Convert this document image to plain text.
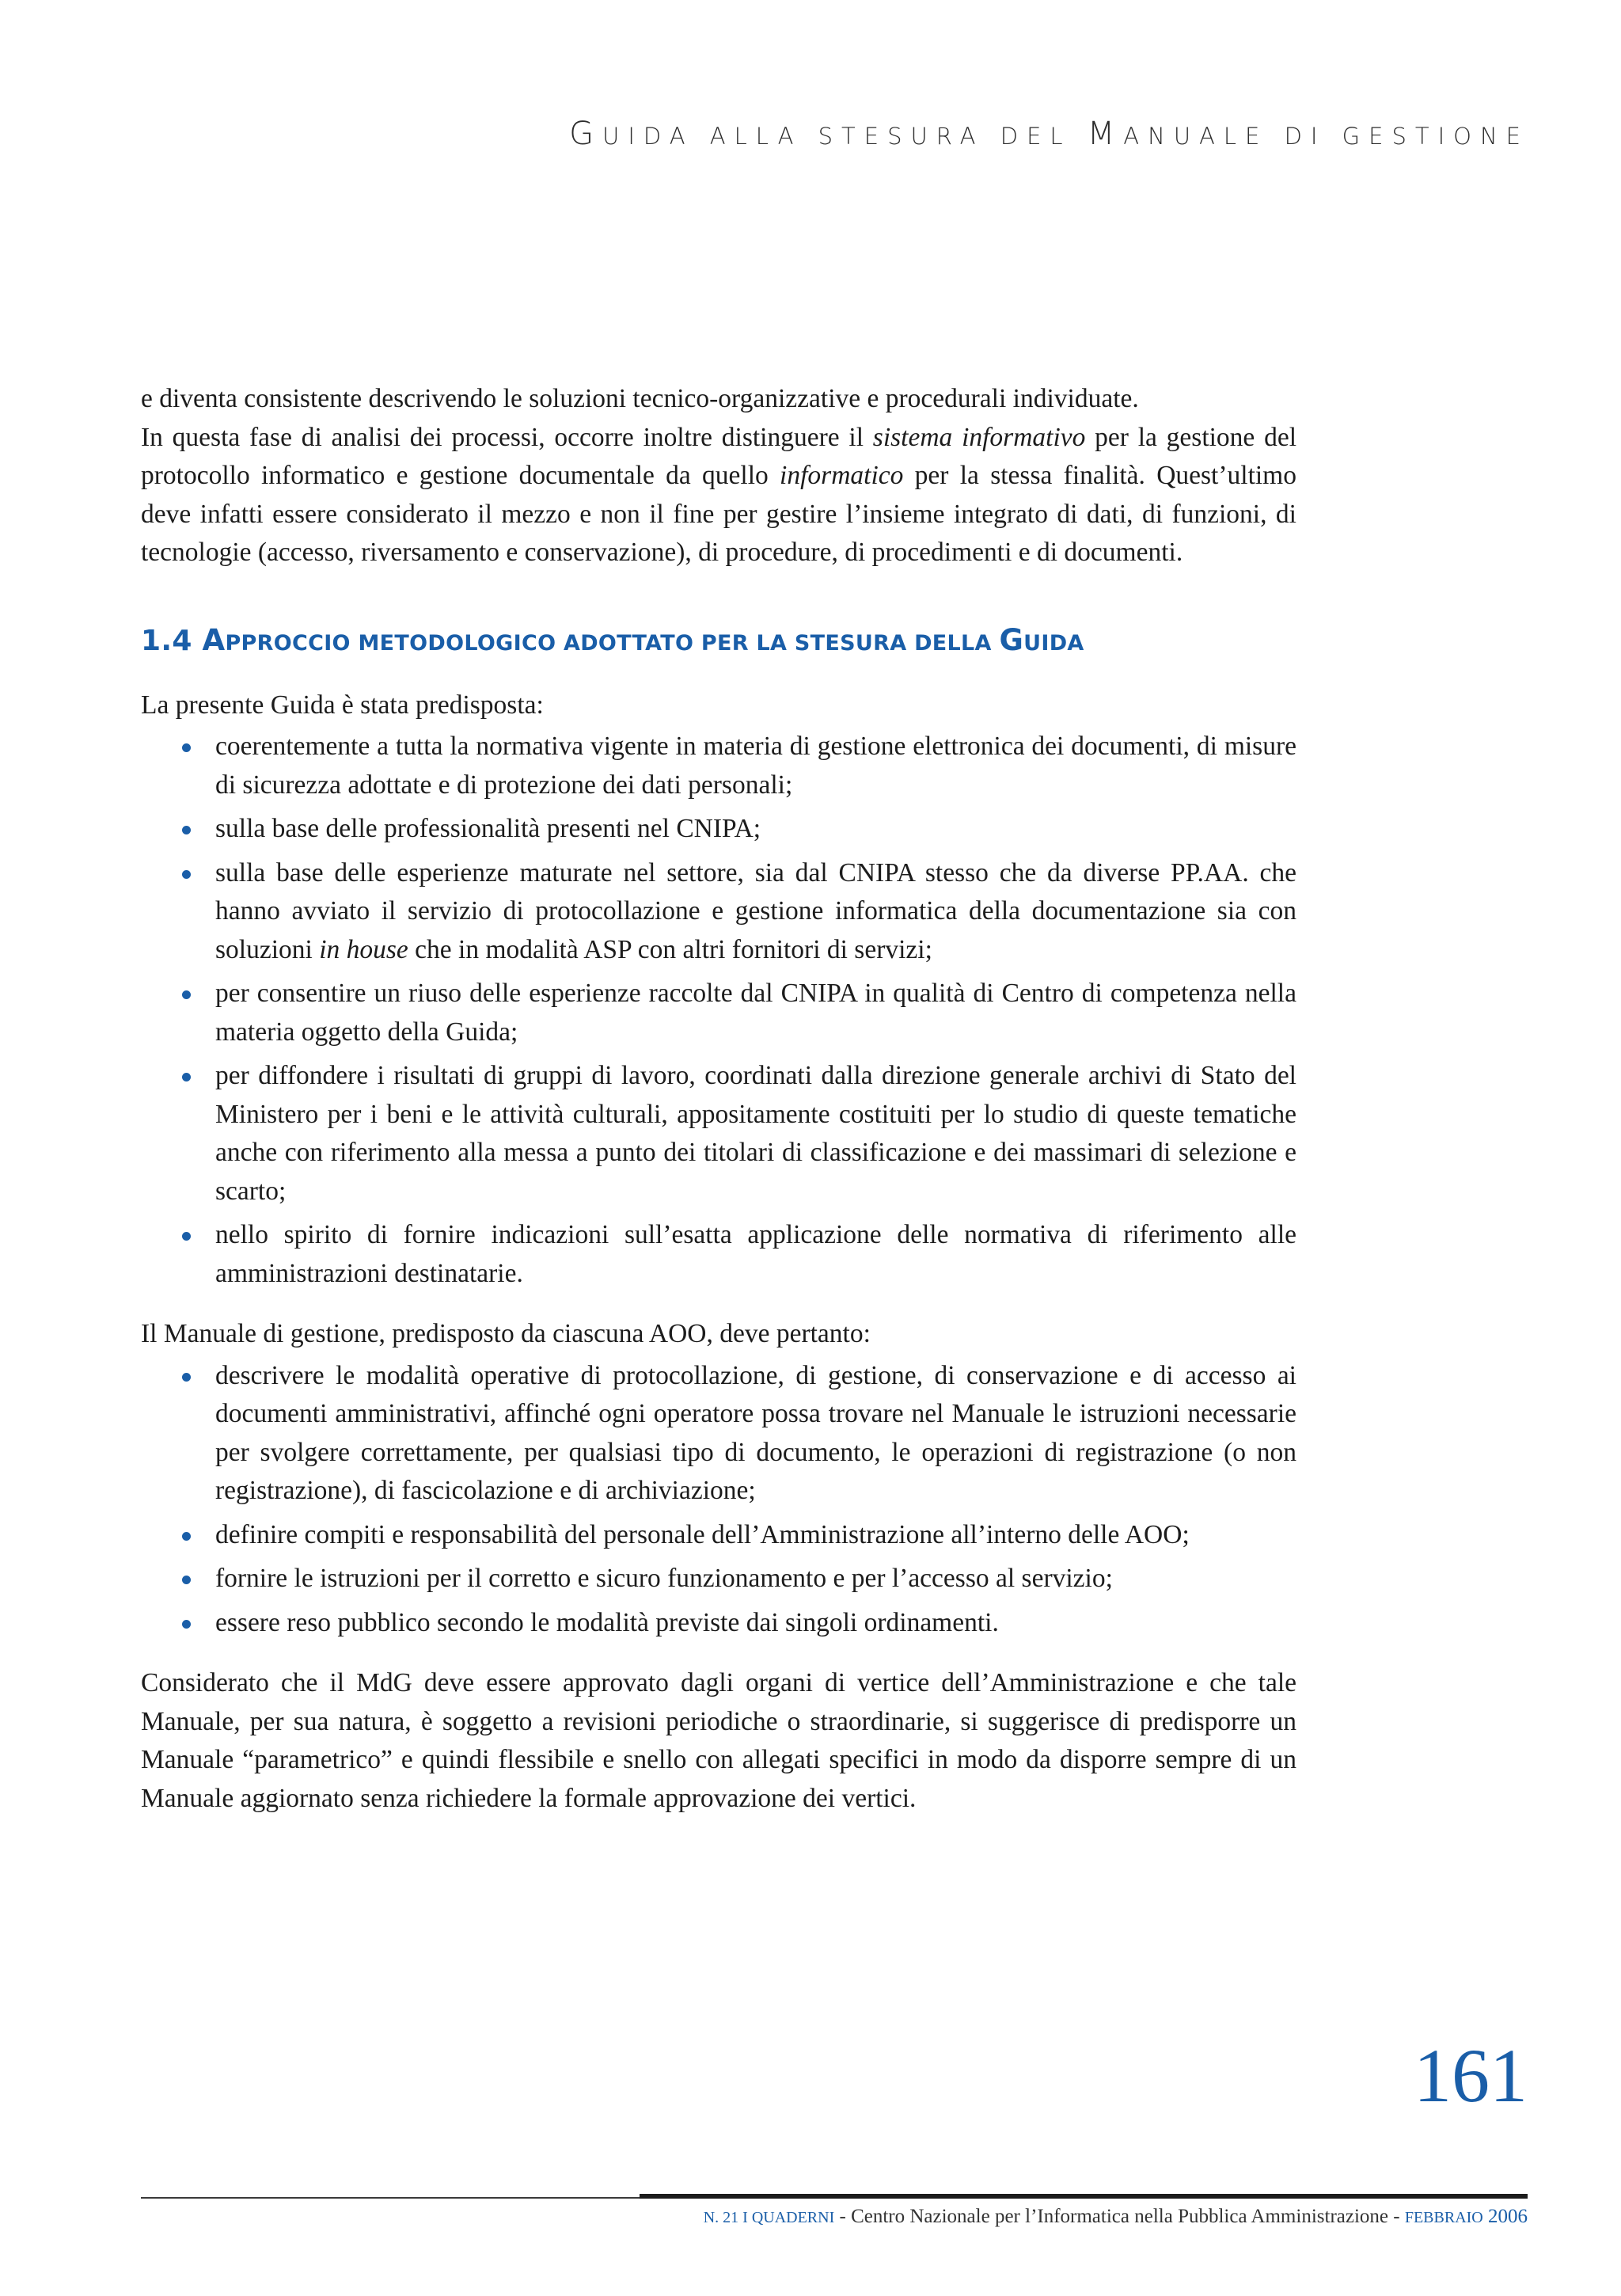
GUIDA ALLA STESURA DEL MANUALE DI GESTIONE

e diventa consistente descrivendo le soluzioni tecnico-organizzative e procedurali individuate.

In questa fase di analisi dei processi, occorre inoltre distinguere il sistema informativo per la gestione del protocollo informatico e gestione documentale da quello informatico per la stessa finalità. Quest’ultimo deve infatti essere considerato il mezzo e non il fine per gestire l’insieme integrato di dati, di funzioni, di tecnologie (accesso, riversamento e conservazione), di procedure, di procedimenti e di documenti.

1.4 APPROCCIO METODOLOGICO ADOTTATO PER LA STESURA DELLA GUIDA

La presente Guida è stata predisposta:

coerentemente a tutta la normativa vigente in materia di gestione elettronica dei documenti, di misure di sicurezza adottate e di protezione dei dati personali;
sulla base delle professionalità presenti nel CNIPA;
sulla base delle esperienze maturate nel settore, sia dal CNIPA stesso che da diverse PP.AA. che hanno avviato il servizio di protocollazione e gestione informatica della documentazione sia con soluzioni in house che in modalità ASP con altri fornitori di servizi;
per consentire un riuso delle esperienze raccolte dal CNIPA in qualità di Centro di competenza nella materia oggetto della Guida;
per diffondere i risultati di gruppi di lavoro, coordinati dalla direzione generale archivi di Stato del Ministero per i beni e le attività culturali, appositamente costituiti per lo studio di queste tematiche anche con riferimento alla messa a punto dei titolari di classificazione e dei massimari di selezione e scarto;
nello spirito di fornire indicazioni sull’esatta applicazione delle normativa di riferimento alle amministrazioni destinatarie.

Il Manuale di gestione, predisposto da ciascuna AOO, deve pertanto:

descrivere le modalità operative di protocollazione, di gestione, di conservazione e di accesso ai documenti amministrativi, affinché ogni operatore possa trovare nel Manuale le istruzioni necessarie per svolgere correttamente, per qualsiasi tipo di documento, le operazioni di registrazione (o non registrazione), di fascicolazione e di archiviazione;
definire compiti e responsabilità del personale dell’Amministrazione all’interno delle AOO;
fornire le istruzioni per il corretto e sicuro funzionamento e per l’accesso al servizio;
essere reso pubblico secondo le modalità previste dai singoli ordinamenti.

Considerato che il MdG deve essere approvato dagli organi di vertice dell’Amministrazione e che tale Manuale, per sua natura, è soggetto a revisioni periodiche o straordinarie, si suggerisce di predisporre un Manuale “parametrico” e quindi flessibile e snello con allegati specifici in modo da disporre sempre di un Manuale aggiornato senza richiedere la formale approvazione dei vertici.

161
N. 21 I QUADERNI - Centro Nazionale per l’Informatica nella Pubblica Amministrazione - FEBBRAIO 2006
